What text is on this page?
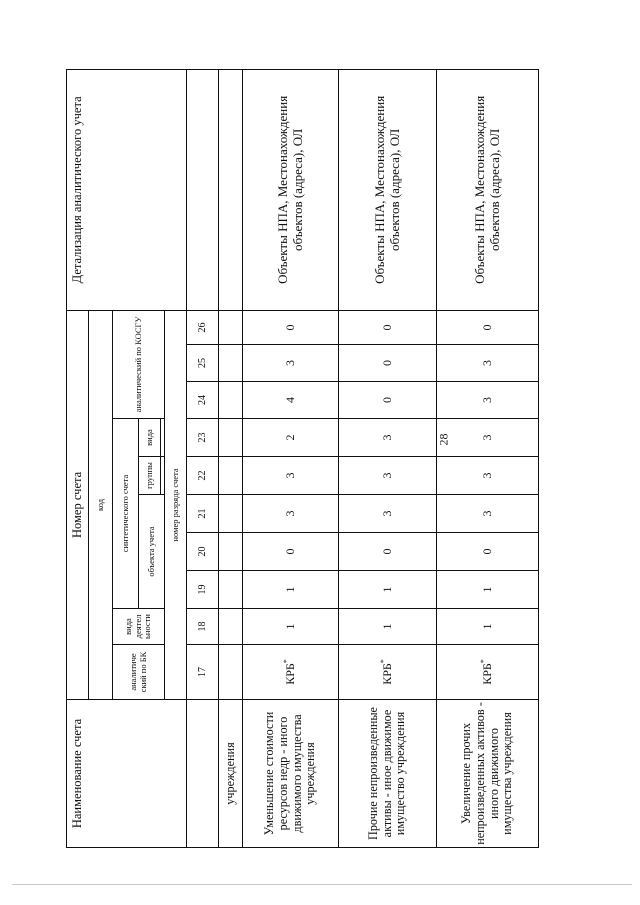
28
Наименование счета	Номер счета										Детализация аналитического учета
	код										
	аналитиче ский по БК	вида деятел ьности	синтетического счета					аналитический по КОСГУ			
			объекта учета			группы	вида				

	номер разряда счета										
	17	18	19	20	21	22	23	24	25	26	
учреждения											
Уменьшение стоимости ресурсов недр - иного движимого имущества учреждения	КРБ*	1	1	0	3	3	2	4	3	0	Объекты НПА, Местонахождения объектов (адреса), ОЛ
Прочие непроизведенные активы - иное движимое имущество учреждения	КРБ*	1	1	0	3	3	3	0	0	0	Объекты НПА, Местонахождения объектов (адреса), ОЛ
Увеличение прочих непроизведенных активов - иного движимого имущества учреждения	КРБ*	1	1	0	3	3	3	3	3	0	Объекты НПА, Местонахождения объектов (адреса), ОЛ
